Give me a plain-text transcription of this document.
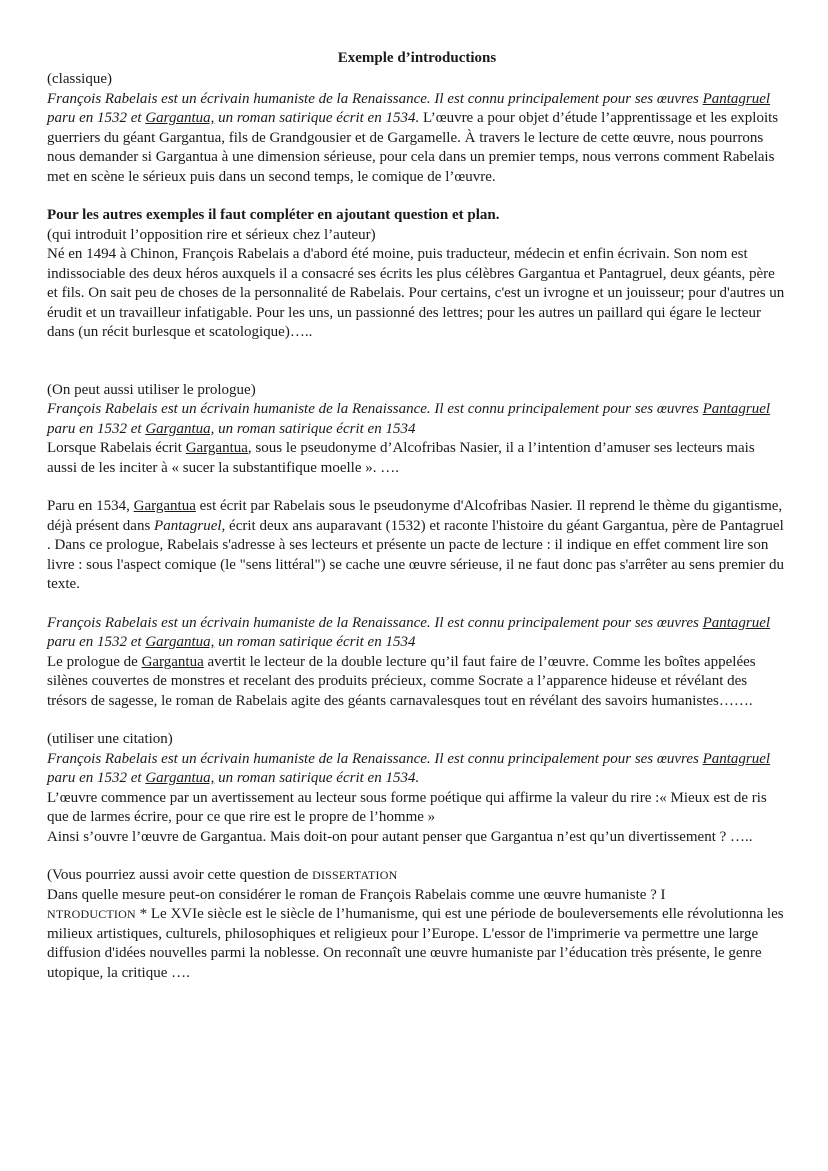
Exemple d’introductions

(classique)

François Rabelais est un écrivain humaniste de la Renaissance. Il est connu principalement pour ses œuvres Pantagruel paru en 1532 et Gargantua, un roman satirique écrit en 1534. L’œuvre a pour objet d’étude l’apprentissage et les exploits guerriers du géant Gargantua, fils de Grandgousier et de Gargamelle. À travers le lecture de cette œuvre, nous pourrons nous demander si Gargantua à une dimension sérieuse, pour cela dans un premier temps, nous verrons comment Rabelais met en scène le sérieux puis dans un second temps, le comique de l’œuvre.

Pour les autres exemples il faut compléter en ajoutant question et plan.

(qui introduit l’opposition rire et sérieux chez l’auteur)

Né en 1494 à Chinon, François Rabelais a d'abord été moine, puis traducteur, médecin et enfin écrivain. Son nom est indissociable des deux héros auxquels il a consacré ses écrits les plus célèbres Gargantua et Pantagruel, deux géants, père et fils. On sait peu de choses de la personnalité de Rabelais. Pour certains, c'est un ivrogne et un jouisseur; pour d'autres un érudit et un travailleur infatigable. Pour les uns, un passionné des lettres; pour les autres un paillard qui égare le lecteur dans (un récit burlesque et scatologique)…..

(On peut aussi utiliser le prologue)

François Rabelais est un écrivain humaniste de la Renaissance. Il est connu principalement pour ses œuvres Pantagruel paru en 1532 et Gargantua, un roman satirique écrit en 1534

Lorsque Rabelais écrit Gargantua, sous le pseudonyme d’Alcofribas Nasier, il a l’intention d’amuser ses lecteurs mais aussi de les inciter à « sucer la substantifique moelle ». ….

Paru en 1534, Gargantua est écrit par Rabelais sous le pseudonyme d'Alcofribas Nasier. Il reprend le thème du gigantisme, déjà présent dans Pantagruel, écrit deux ans auparavant (1532) et raconte l'histoire du géant Gargantua, père de Pantagruel . Dans ce prologue, Rabelais s'adresse à ses lecteurs et présente un pacte de lecture : il indique en effet comment lire son livre : sous l'aspect comique (le "sens littéral") se cache une œuvre sérieuse, il ne faut donc pas s'arrêter au sens premier du texte.

François Rabelais est un écrivain humaniste de la Renaissance. Il est connu principalement pour ses œuvres Pantagruel paru en 1532 et Gargantua, un roman satirique écrit en 1534

Le prologue de Gargantua avertit le lecteur de la double lecture qu’il faut faire de l’œuvre. Comme les boîtes appelées silènes couvertes de monstres et recelant des produits précieux, comme Socrate a l’apparence hideuse et révélant des trésors de sagesse, le roman de Rabelais agite des géants carnavalesques tout en révélant des savoirs humanistes…….

(utiliser une citation)

François Rabelais est un écrivain humaniste de la Renaissance. Il est connu principalement pour ses œuvres Pantagruel paru en 1532 et Gargantua, un roman satirique écrit en 1534.

L’œuvre commence par un avertissement au lecteur sous forme poétique qui affirme la valeur du rire :« Mieux est de ris que de larmes écrire, pour ce que rire est le propre de l’homme »

Ainsi s’ouvre l’œuvre de Gargantua. Mais doit-on pour autant penser que Gargantua n’est qu’un divertissement ? …..

(Vous pourriez aussi avoir cette question de DISSERTATION

Dans quelle mesure peut-on considérer le roman de François Rabelais comme une œuvre humaniste ? I
NTRODUCTION * Le XVIe siècle est le siècle de l’humanisme, qui est une période de bouleversements elle révolutionna les milieux artistiques, culturels, philosophiques et religieux pour l’Europe. L'essor de l'imprimerie va permettre une large diffusion d'idées nouvelles parmi la noblesse. On reconnaît une œuvre humaniste par l’éducation très présente, le genre utopique, la critique ….
